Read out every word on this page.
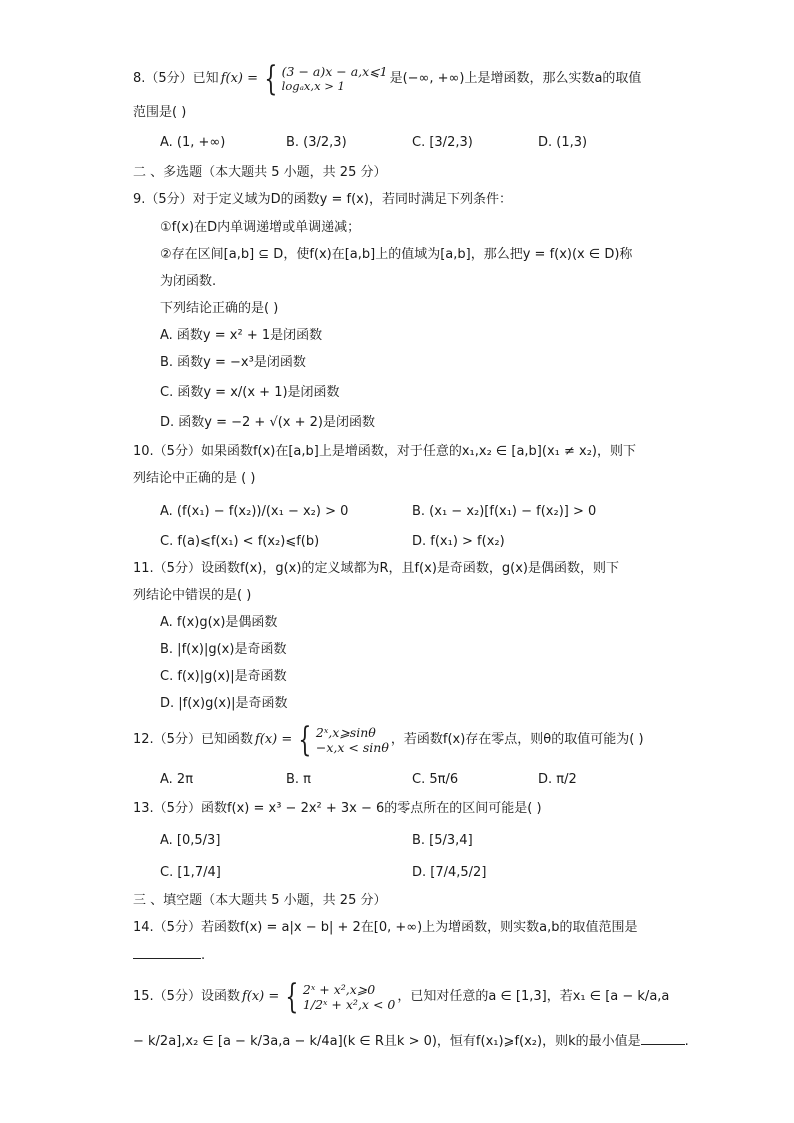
8.（5分）已知 f(x) = { (3 − a)x − a,x⩽1
logₐx,x > 1	是(−∞, +∞)上是增函数，那么实数a的取值
范围是( )
A. (1, +∞)	B. (3/2,3)	C. [3/2,3)	D. (1,3)
二 、多选题（本大题共 5 小题，共 25 分）
9.（5分）对于定义域为D的函数y = f(x)，若同时满足下列条件：
①f(x)在D内单调递增或单调递减；
②存在区间[a,b] ⊆ D，使f(x)在[a,b]上的值域为[a,b]，那么把y = f(x)(x ∈ D)称
为闭函数.
下列结论正确的是( )
A. 函数y = x² + 1是闭函数
B. 函数y = −x³是闭函数
C. 函数y = x/(x + 1)是闭函数
D. 函数y = −2 + √(x + 2)是闭函数
10.（5分）如果函数f(x)在[a,b]上是增函数，对于任意的x₁,x₂ ∈ [a,b](x₁ ≠ x₂)，则下
列结论中正确的是 ( )
A. (f(x₁) − f(x₂))/(x₁ − x₂) > 0	B. (x₁ − x₂)[f(x₁) − f(x₂)] > 0
C. f(a)⩽f(x₁) < f(x₂)⩽f(b)	D. f(x₁) > f(x₂)
11.（5分）设函数f(x)，g(x)的定义域都为R，且f(x)是奇函数，g(x)是偶函数，则下
列结论中错误的是( )
A. f(x)g(x)是偶函数
B. |f(x)|g(x)是奇函数
C. f(x)|g(x)|是奇函数
D. |f(x)g(x)|是奇函数
12.（5分）已知函数 f(x) = { 2ˣ,x⩾sinθ
−x,x < sinθ
，若函数f(x)存在零点，则θ的取值可能为( )
A. 2π	B. π	C. 5π/6	D. π/2
13.（5分）函数f(x) = x³ − 2x² + 3x − 6的零点所在的区间可能是( )
A. [0,5/3]	B. [5/3,4]
C. [1,7/4]	D. [7/4,5/2]
三 、填空题（本大题共 5 小题，共 25 分）
14.（5分）若函数f(x) = a|x − b| + 2在[0, +∞)上为增函数，则实数a,b的取值范围是
.
15.（5分）设函数 f(x) = { 2ˣ + x²,x⩾0
1/2ˣ + x²,x < 0
，已知对任意的a ∈ [1,3]，若x₁ ∈ [a − k/a,a
− k/2a],x₂ ∈ [a − k/3a,a − k/4a](k ∈ R且k > 0)，恒有f(x₁)⩾f(x₂)，则k的最小值是	.
